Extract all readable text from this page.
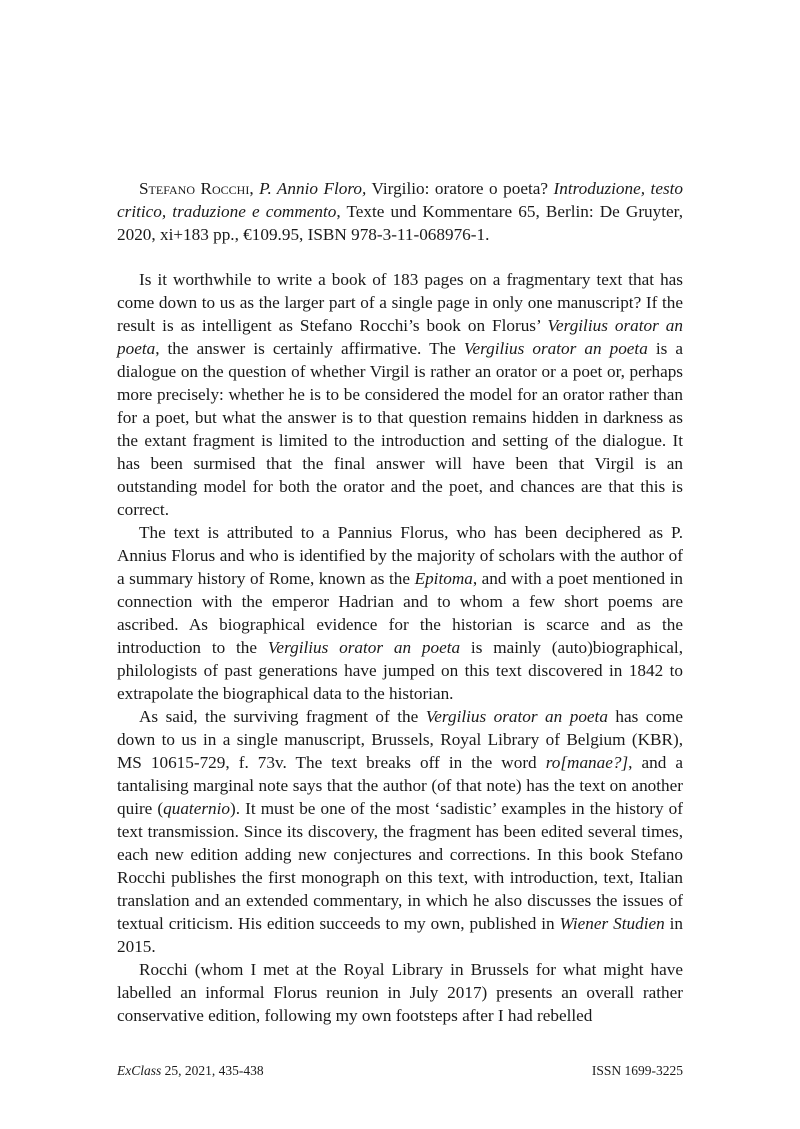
Stefano Rocchi, P. Annio Floro, Virgilio: oratore o poeta? Introduzione, testo critico, traduzione e commento, Texte und Kommentare 65, Berlin: De Gruyter, 2020, xi+183 pp., €109.95, ISBN 978-3-11-068976-1.

Is it worthwhile to write a book of 183 pages on a fragmentary text that has come down to us as the larger part of a single page in only one manuscript? If the result is as intelligent as Stefano Rocchi’s book on Florus’ Vergilius orator an poeta, the answer is certainly affirmative. The Vergilius orator an poeta is a dialogue on the question of whether Virgil is rather an orator or a poet or, perhaps more precisely: whether he is to be considered the model for an orator rather than for a poet, but what the answer is to that question remains hidden in darkness as the extant fragment is limited to the introduction and setting of the dialogue. It has been surmised that the final answer will have been that Virgil is an outstanding model for both the orator and the poet, and chances are that this is correct.

The text is attributed to a Pannius Florus, who has been deciphered as P. Annius Florus and who is identified by the majority of scholars with the author of a summary history of Rome, known as the Epitoma, and with a poet mentioned in connection with the emperor Hadrian and to whom a few short poems are ascribed. As biographical evidence for the historian is scarce and as the introduction to the Vergilius orator an poeta is mainly (auto)biographical, philologists of past generations have jumped on this text discovered in 1842 to extrapolate the biographical data to the historian.

As said, the surviving fragment of the Vergilius orator an poeta has come down to us in a single manuscript, Brussels, Royal Library of Belgium (KBR), MS 10615-729, f. 73v. The text breaks off in the word ro[manae?], and a tantalising marginal note says that the author (of that note) has the text on another quire (quaternio). It must be one of the most ‘sadistic’ examples in the history of text transmission. Since its discovery, the fragment has been edited several times, each new edition adding new conjectures and corrections. In this book Stefano Rocchi publishes the first monograph on this text, with introduction, text, Italian translation and an extended commentary, in which he also discusses the issues of textual criticism. His edition succeeds to my own, published in Wiener Studien in 2015.

Rocchi (whom I met at the Royal Library in Brussels for what might have labelled an informal Florus reunion in July 2017) presents an overall rather conservative edition, following my own footsteps after I had rebelled

ExClass 25, 2021, 435-438	ISSN 1699-3225
